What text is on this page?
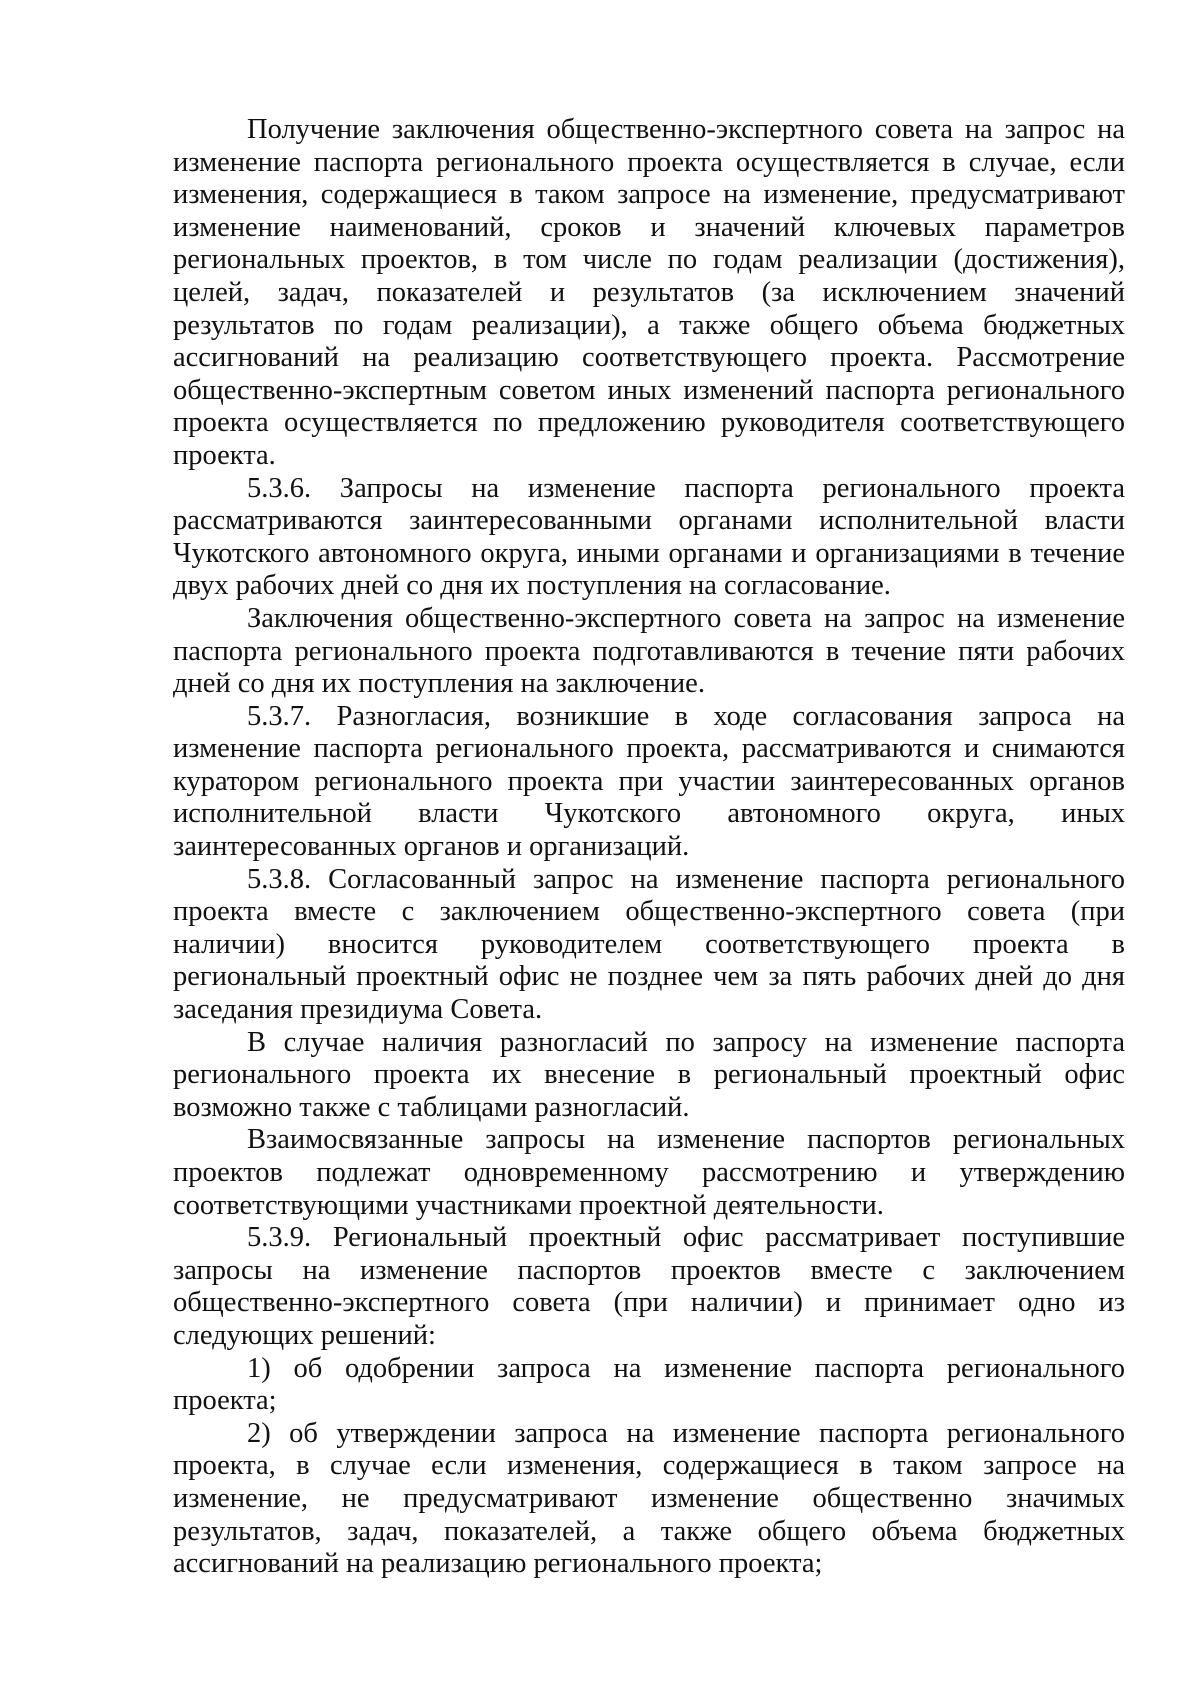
Получение заключения общественно-экспертного совета на запрос на изменение паспорта регионального проекта осуществляется в случае, если изменения, содержащиеся в таком запросе на изменение, предусматривают изменение наименований, сроков и значений ключевых параметров региональных проектов, в том числе по годам реализации (достижения), целей, задач, показателей и результатов (за исключением значений результатов по годам реализации), а также общего объема бюджетных ассигнований на реализацию соответствующего проекта. Рассмотрение общественно-экспертным советом иных изменений паспорта регионального проекта осуществляется по предложению руководителя соответствующего проекта.

5.3.6. Запросы на изменение паспорта регионального проекта рассматриваются заинтересованными органами исполнительной власти Чукотского автономного округа, иными органами и организациями в течение двух рабочих дней со дня их поступления на согласование.

Заключения общественно-экспертного совета на запрос на изменение паспорта регионального проекта подготавливаются в течение пяти рабочих дней со дня их поступления на заключение.

5.3.7. Разногласия, возникшие в ходе согласования запроса на изменение паспорта регионального проекта, рассматриваются и снимаются куратором регионального проекта при участии заинтересованных органов исполнительной власти Чукотского автономного округа, иных заинтересованных органов и организаций.

5.3.8. Согласованный запрос на изменение паспорта регионального проекта вместе с заключением общественно-экспертного совета (при наличии) вносится руководителем соответствующего проекта в региональный проектный офис не позднее чем за пять рабочих дней до дня заседания президиума Совета.

В случае наличия разногласий по запросу на изменение паспорта регионального проекта их внесение в региональный проектный офис возможно также с таблицами разногласий.

Взаимосвязанные запросы на изменение паспортов региональных проектов подлежат одновременному рассмотрению и утверждению соответствующими участниками проектной деятельности.

5.3.9. Региональный проектный офис рассматривает поступившие запросы на изменение паспортов проектов вместе с заключением общественно-экспертного совета (при наличии) и принимает одно из следующих решений:

1) об одобрении запроса на изменение паспорта регионального проекта;

2) об утверждении запроса на изменение паспорта регионального проекта, в случае если изменения, содержащиеся в таком запросе на изменение, не предусматривают изменение общественно значимых результатов, задач, показателей, а также общего объема бюджетных ассигнований на реализацию регионального проекта;
